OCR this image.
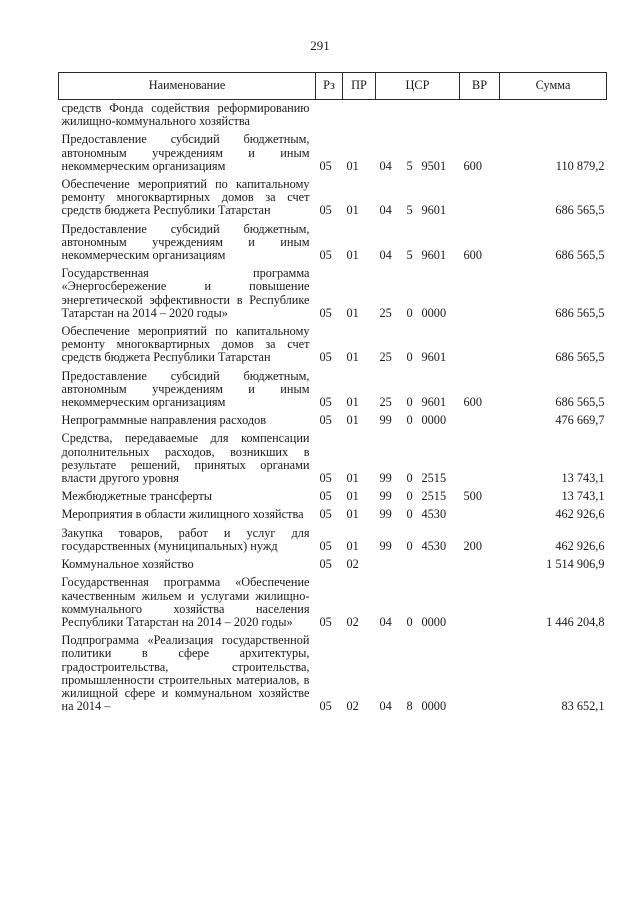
291
Наименование	Рз	ПР	ЦСР			ВР	Сумма
средств Фонда содействия реформированию жилищно-коммунального хозяйства							
Предоставление субсидий бюджетным, автономным учреждениям и иным некоммерческим организациям	05	01	04	5	9501	600	110 879,2
Обеспечение мероприятий по капитальному ремонту многоквартирных домов за счет средств бюджета Республики Татарстан	05	01	04	5	9601		686 565,5
Предоставление субсидий бюджетным, автономным учреждениям и иным некоммерческим организациям	05	01	04	5	9601	600	686 565,5
Государственная программа «Энергосбережение и повышение энергетической эффективности в Республике Татарстан на 2014 – 2020 годы»	05	01	25	0	0000		686 565,5
Обеспечение мероприятий по капитальному ремонту многоквартирных домов за счет средств бюджета Республики Татарстан	05	01	25	0	9601		686 565,5
Предоставление субсидий бюджетным, автономным учреждениям и иным некоммерческим организациям	05	01	25	0	9601	600	686 565,5
Непрограммные направления расходов	05	01	99	0	0000		476 669,7
Средства, передаваемые для компенсации дополнительных расходов, возникших в результате решений, принятых органами власти другого уровня	05	01	99	0	2515		13 743,1
Межбюджетные трансферты	05	01	99	0	2515	500	13 743,1
Мероприятия в области жилищного хозяйства	05	01	99	0	4530		462 926,6
Закупка товаров, работ и услуг для государственных (муниципальных) нужд	05	01	99	0	4530	200	462 926,6
Коммунальное хозяйство	05	02					1 514 906,9
Государственная программа «Обеспечение качественным жильем и услугами жилищно-коммунального хозяйства населения Республики Татарстан на 2014 – 2020 годы»	05	02	04	0	0000		1 446 204,8
Подпрограмма «Реализация государственной политики в сфере архитектуры, градостроительства, строительства, промышленности строительных материалов, в жилищной сфере и коммунальном хозяйстве на 2014 –	05	02	04	8	0000		83 652,1
